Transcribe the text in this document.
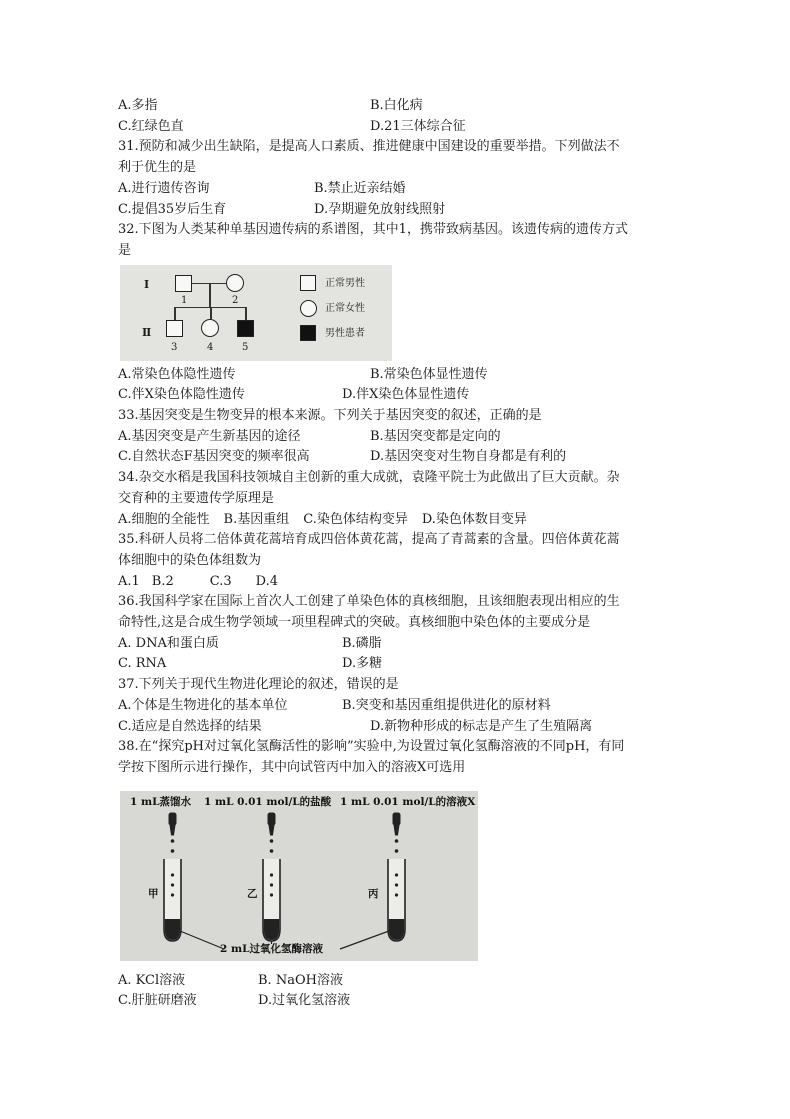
A.多指	B.白化病
C.红绿色直	D.21三体综合征
31.预防和减少出生缺陷，是提高人口素质、推进健康中国建设的重要举措。下列做法不
利于优生的是
A.进行遗传咨询	B.禁止近亲结婚
C.提倡35岁后生育	D.孕期避免放射线照射
32.下图为人类某种单基因遗传病的系谱图，其中1，携带致病基因。该遗传病的遗传方式
是
I
Ⅱ
1	2
3	4	5
正常男性
正常女性
男性患者
A.常染色体隐性遗传	B.常染色体显性遗传
C.伴X染色体隐性遗传	D.伴X染色体显性遗传
33.基因突变是生物变异的根本来源。下列关于基因突变的叙述，正确的是
A.基因突变是产生新基因的途径	B.基因突变都是定向的
C.自然状态F基因突变的频率很高	D.基因突变对生物自身都是有利的
34.杂交水稻是我国科技领城自主创新的重大成就，袁隆平院士为此做出了巨大贡献。杂
交育种的主要遗传学原理是
A.细胞的全能性 B.基因重组 C.染色体结构变异 D.染色体数目变异
35.科研人员将二倍体黄花蒿培育成四倍体黄花蒿，提高了青蒿素的含量。四倍体黄花蒿
体细胞中的染色体组数为
A.1 B.2	C.3 D.4
36.我国科学家在国际上首次人工创建了单染色体的真核细胞，且该细胞表现出相应的生
命特性,这是合成生物学领域一项里程碑式的突破。真核细胞中染色体的主要成分是
A. DNA和蛋白质	B.磷脂
C. RNA	D.多糖
37.下列关于现代生物进化理论的叙述，错误的是
A.个体是生物进化的基本单位	B.突变和基因重组提供进化的原材料
C.适应是自然选择的结果	D.新物种形成的标志是产生了生殖隔离
38.在“探究pH对过氧化氢酶活性的影响”实验中,为设置过氧化氢酶溶液的不同pH，有同
学按下图所示进行操作，其中向试管丙中加入的溶液X可选用
1 mL蒸馏水 1 mL 0.01 mol/L的盐酸 1 mL 0.01 mol/L的溶液X
甲	乙	丙
2 mL过氧化氢酶溶液
A. KCl溶液	B. NaOH溶液
C.肝脏研磨液	D.过氧化氢溶液
